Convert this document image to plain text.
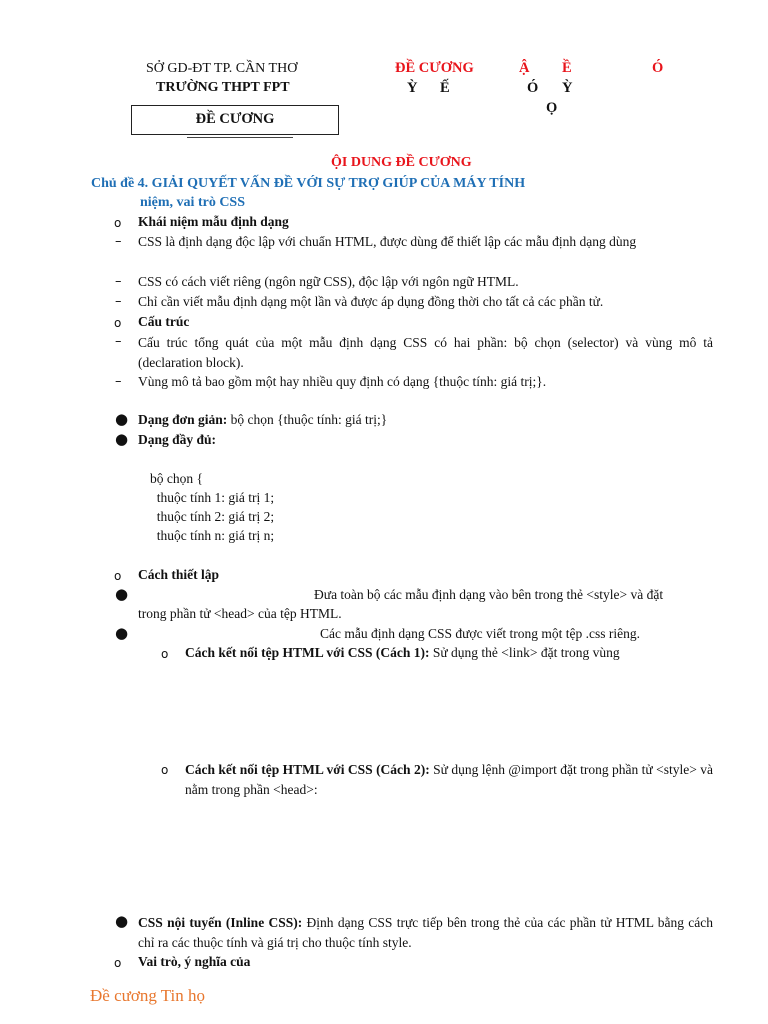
SỞ GD-ĐT TP. CẦN THƠ
TRƯỜNG THPT FPT
ĐỀ CƯƠNG
ĐỀ CƯƠNG	Ậ Ề	Ó
Ỳ Ế	Ó Ỳ
Ọ
ỘI DUNG ĐỀ CƯƠNG
Chủ đề 4. GIẢI QUYẾT VẤN ĐỀ VỚI SỰ TRỢ GIÚP CỦA MÁY TÍNH
niệm, vai trò CSS
o Khái niệm mẫu định dạng
– CSS là định dạng độc lập với chuẩn HTML, được dùng để thiết lập các mẫu định dạng dùng
– CSS có cách viết riêng (ngôn ngữ CSS), độc lập với ngôn ngữ HTML.
– Chỉ cần viết mẫu định dạng một lần và được áp dụng đồng thời cho tất cả các phần tử.
o Cấu trúc
– Cấu trúc tổng quát của một mẫu định dạng CSS có hai phần: bộ chọn (selector) và vùng mô tả (declaration block).
– Vùng mô tả bao gồm một hay nhiều quy định có dạng {thuộc tính: giá trị;}.
● Dạng đơn giản: bộ chọn {thuộc tính: giá trị;}
● Dạng đầy đủ:
bộ chọn {
thuộc tính 1: giá trị 1;
thuộc tính 2: giá trị 2;
thuộc tính n: giá trị n;
o Cách thiết lập
●	Đưa toàn bộ các mẫu định dạng vào bên trong thẻ <style> và đặt
trong phần tử <head> của tệp HTML.
●	Các mẫu định dạng CSS được viết trong một tệp .css riêng.
o Cách kết nối tệp HTML với CSS (Cách 1): Sử dụng thẻ <link> đặt trong vùng
o Cách kết nối tệp HTML với CSS (Cách 2): Sử dụng lệnh @import đặt trong phần tử <style> và nằm trong phần <head>:
● CSS nội tuyến (Inline CSS): Định dạng CSS trực tiếp bên trong thẻ của các phần tử HTML bằng cách chỉ ra các thuộc tính và giá trị cho thuộc tính style.
o Vai trò, ý nghĩa của
Đề cương Tin họ
